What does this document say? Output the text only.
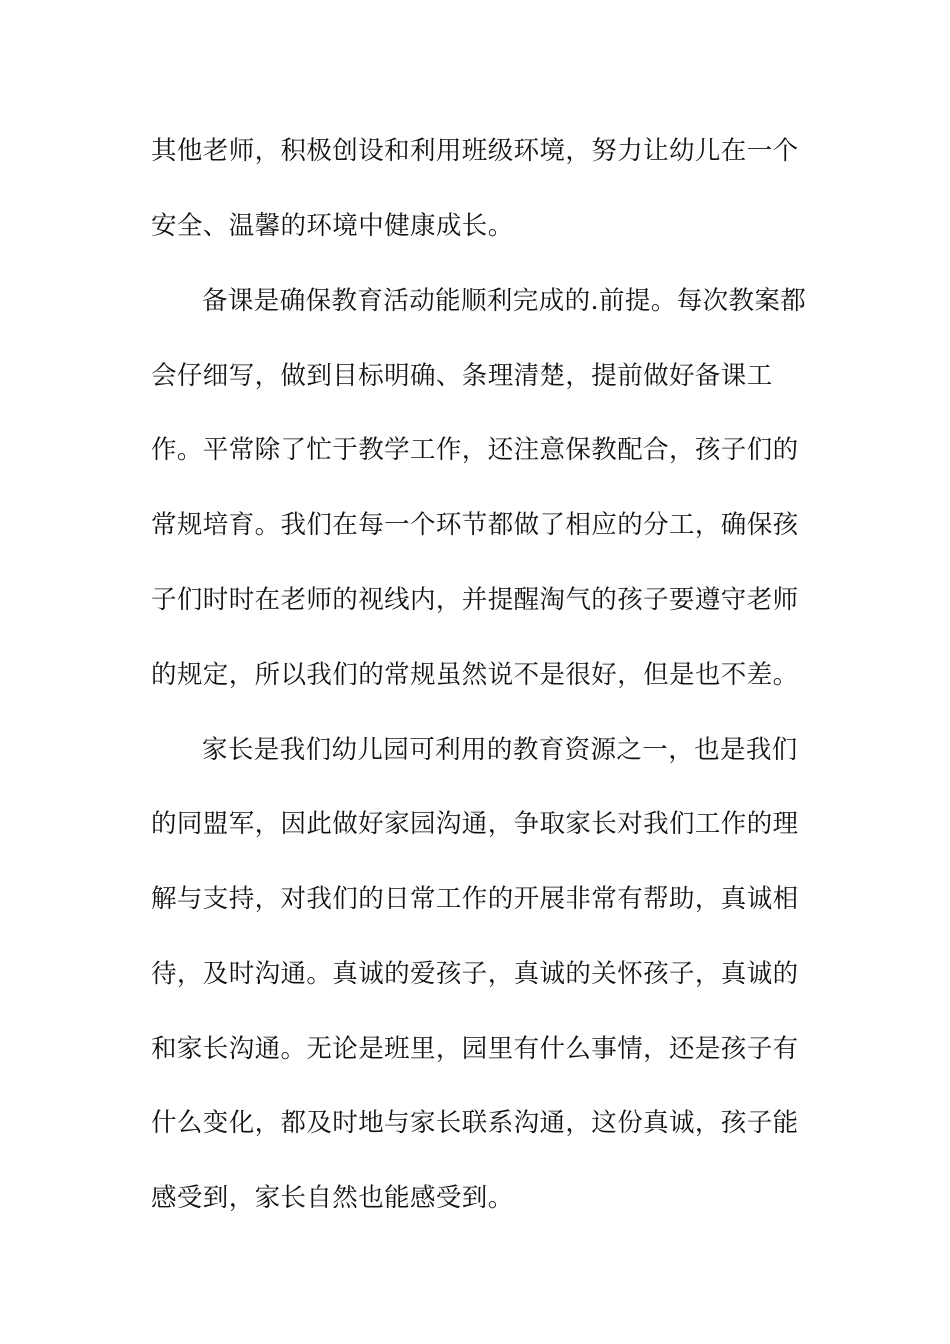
其他老师，积极创设和利用班级环境，努力让幼儿在一个
安全、温馨的环境中健康成长。
备课是确保教育活动能顺利完成的.前提。每次教案都
会仔细写，做到目标明确、条理清楚，提前做好备课工
作。平常除了忙于教学工作，还注意保教配合，孩子们的
常规培育。我们在每一个环节都做了相应的分工，确保孩
子们时时在老师的视线内，并提醒淘气的孩子要遵守老师
的规定，所以我们的常规虽然说不是很好，但是也不差。
家长是我们幼儿园可利用的教育资源之一，也是我们
的同盟军，因此做好家园沟通，争取家长对我们工作的理
解与支持，对我们的日常工作的开展非常有帮助，真诚相
待，及时沟通。真诚的爱孩子，真诚的关怀孩子，真诚的
和家长沟通。无论是班里，园里有什么事情，还是孩子有
什么变化，都及时地与家长联系沟通，这份真诚，孩子能
感受到，家长自然也能感受到。
